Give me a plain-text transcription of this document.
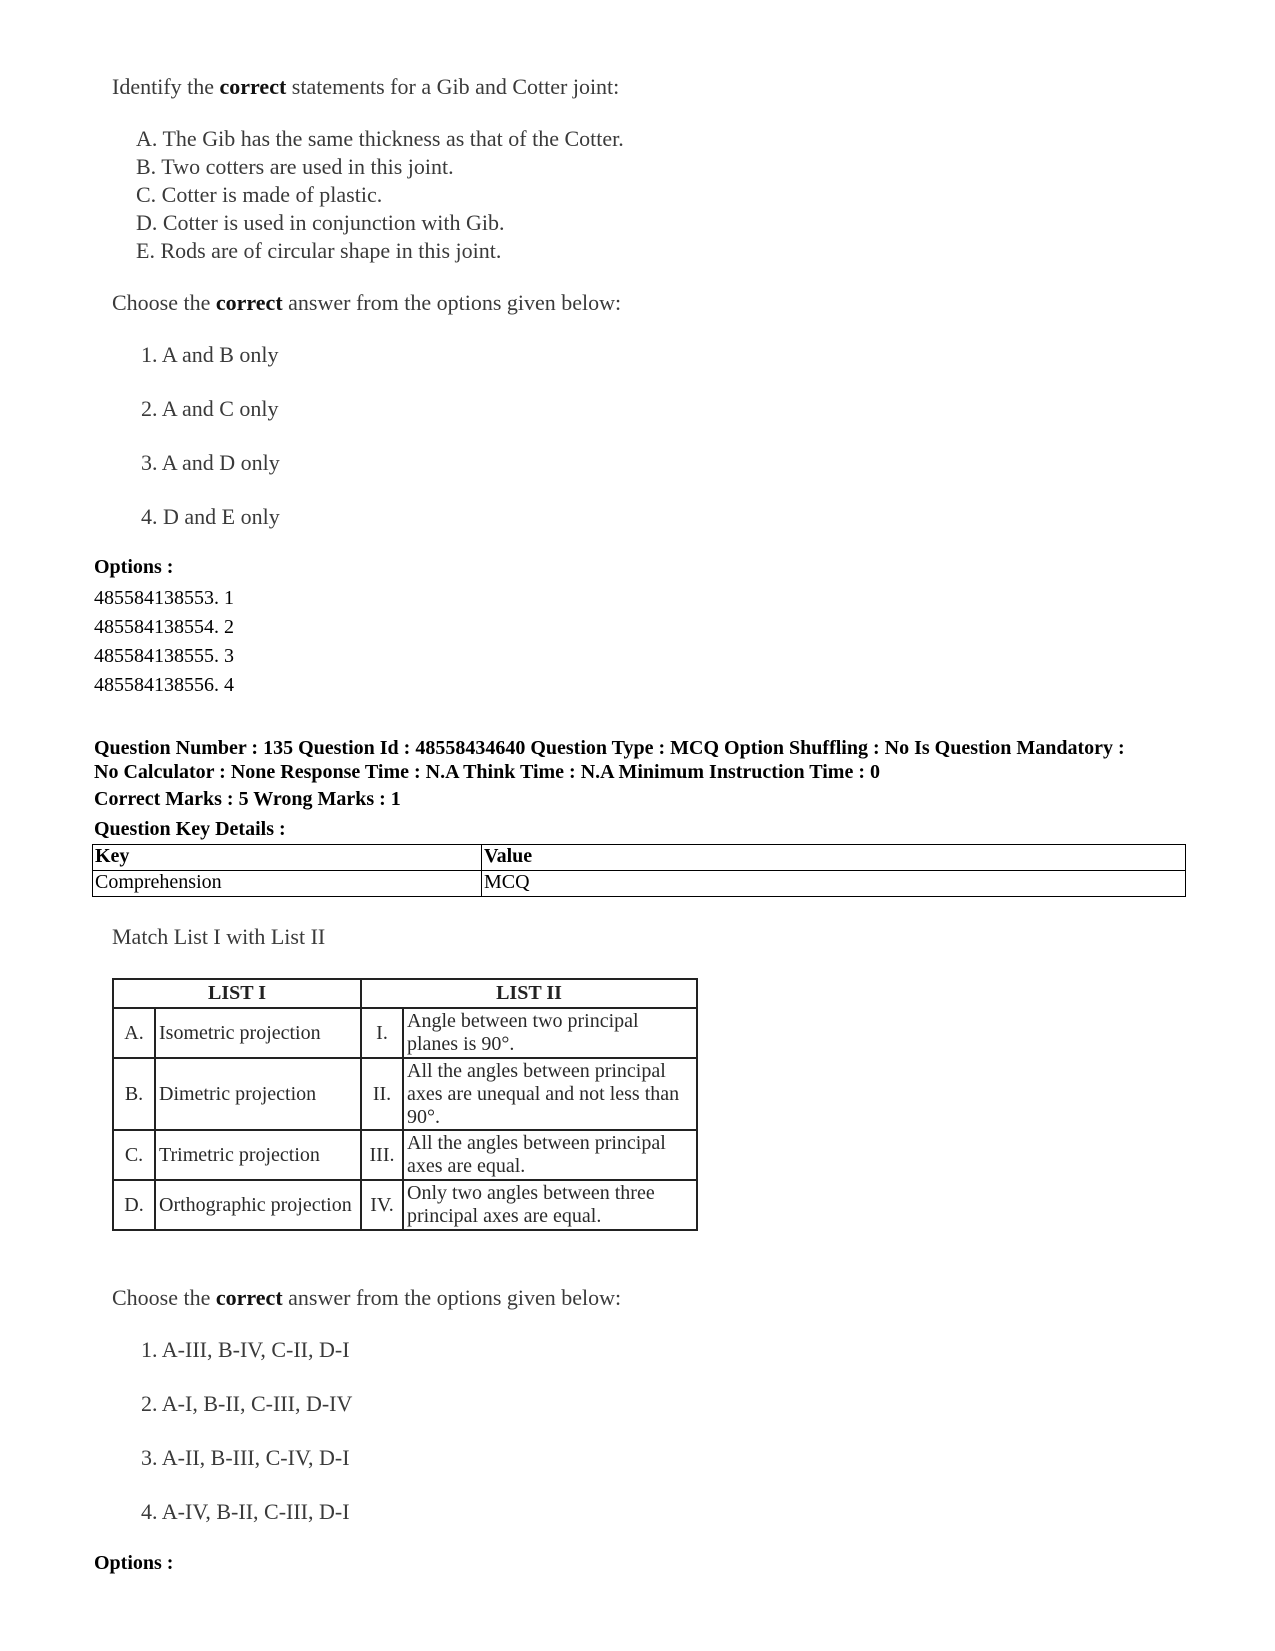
Identify the correct statements for a Gib and Cotter joint:
A. The Gib has the same thickness as that of the Cotter.
B. Two cotters are used in this joint.
C. Cotter is made of plastic.
D. Cotter is used in conjunction with Gib.
E. Rods are of circular shape in this joint.
Choose the correct answer from the options given below:
1. A and B only
2. A and C only
3. A and D only
4. D and E only
Options :
485584138553. 1
485584138554. 2
485584138555. 3
485584138556. 4
Question Number : 135 Question Id : 48558434640 Question Type : MCQ Option Shuffling : No Is Question Mandatory :
No Calculator : None Response Time : N.A Think Time : N.A Minimum Instruction Time : 0
Correct Marks : 5 Wrong Marks : 1
Question Key Details :
Key	Value
Comprehension	MCQ
Match List I with List II
LIST I		LIST II	
A.	Isometric projection	I.	Angle between two principal planes is 90°.
B.	Dimetric projection	II.	All the angles between principal axes are unequal and not less than 90°.
C.	Trimetric projection	III.	All the angles between principal axes are equal.
D.	Orthographic projection	IV.	Only two angles between three principal axes are equal.
Choose the correct answer from the options given below:
1. A-III, B-IV, C-II, D-I
2. A-I, B-II, C-III, D-IV
3. A-II, B-III, C-IV, D-I
4. A-IV, B-II, C-III, D-I
Options :
